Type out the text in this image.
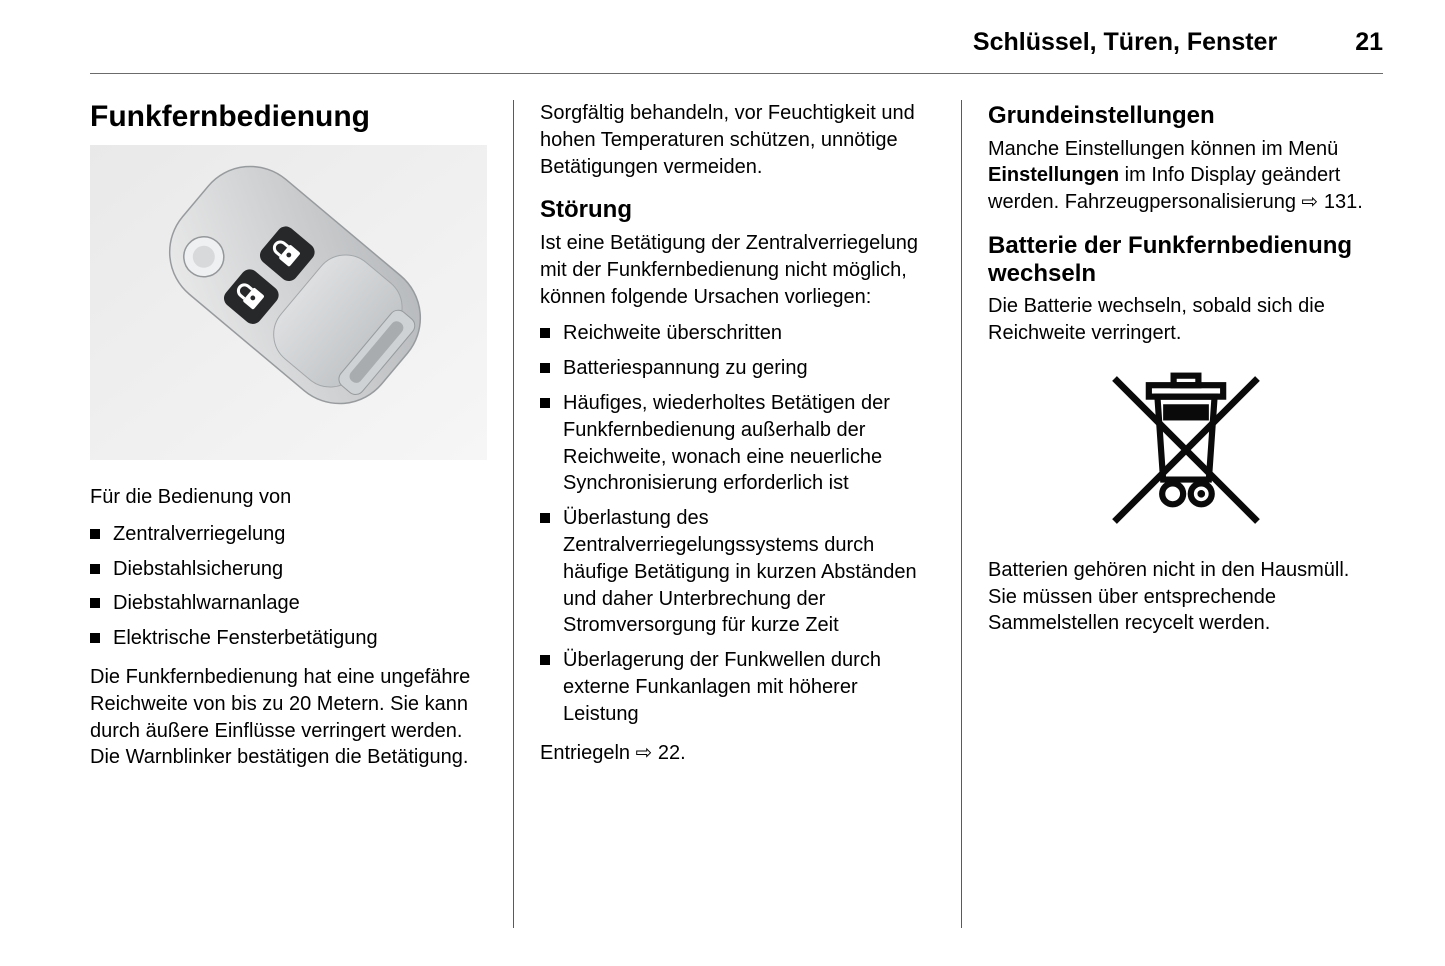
Schlüssel, Türen, Fenster	21
Funkfernbedienung

Für die Bedienung von

Zentralverriegelung
Diebstahlsicherung
Diebstahlwarnanlage
Elektrische Fensterbetätigung

Die Funkfernbedienung hat eine ungefähre Reichweite von bis zu 20 Metern. Sie kann durch äußere Einflüsse verringert werden. Die Warnblinker bestätigen die Betätigung.

Sorgfältig behandeln, vor Feuchtigkeit und hohen Temperaturen schützen, unnötige Betätigungen vermeiden.

Störung

Ist eine Betätigung der Zentralverriegelung mit der Funkfernbedienung nicht möglich, können folgende Ursachen vorliegen:

Reichweite überschritten
Batteriespannung zu gering
Häufiges, wiederholtes Betätigen der Funkfernbedienung außerhalb der Reichweite, wonach eine neuerliche Synchronisierung erforderlich ist
Überlastung des Zentralverriegelungssystems durch häufige Betätigung in kurzen Abständen und daher Unterbrechung der Stromversorgung für kurze Zeit
Überlagerung der Funkwellen durch externe Funkanlagen mit höherer Leistung

Entriegeln ⇨ 22.

Grundeinstellungen

Manche Einstellungen können im Menü Einstellungen im Info Display geändert werden. Fahrzeugpersonalisierung ⇨ 131.

Batterie der Funkfernbedienung wechseln

Die Batterie wechseln, sobald sich die Reichweite verringert.

Batterien gehören nicht in den Hausmüll. Sie müssen über entsprechende Sammelstellen recycelt werden.
